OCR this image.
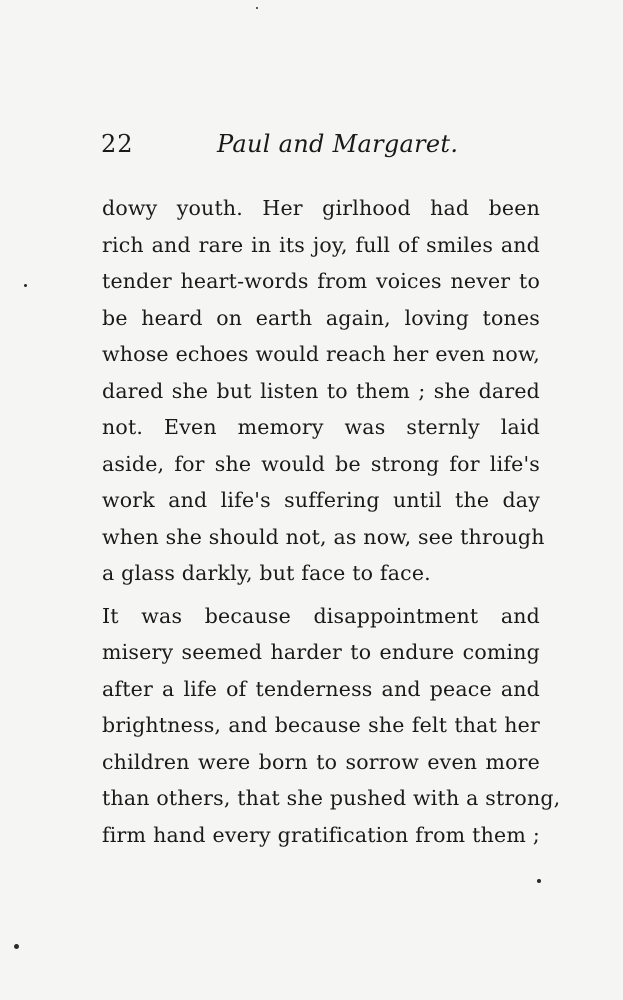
22	Paul and Margaret.
dowy youth. Her girlhood had been
rich and rare in its joy, full of smiles and
tender heart-words from voices never to
be heard on earth again, loving tones
whose echoes would reach her even now,
dared she but listen to them ; she dared
not. Even memory was sternly laid
aside, for she would be strong for life's
work and life's suffering until the day
when she should not, as now, see through
a glass darkly, but face to face.
It was because disappointment and
misery seemed harder to endure coming
after a life of tenderness and peace and
brightness, and because she felt that her
children were born to sorrow even more
than others, that she pushed with a strong,
firm hand every gratification from them ;
